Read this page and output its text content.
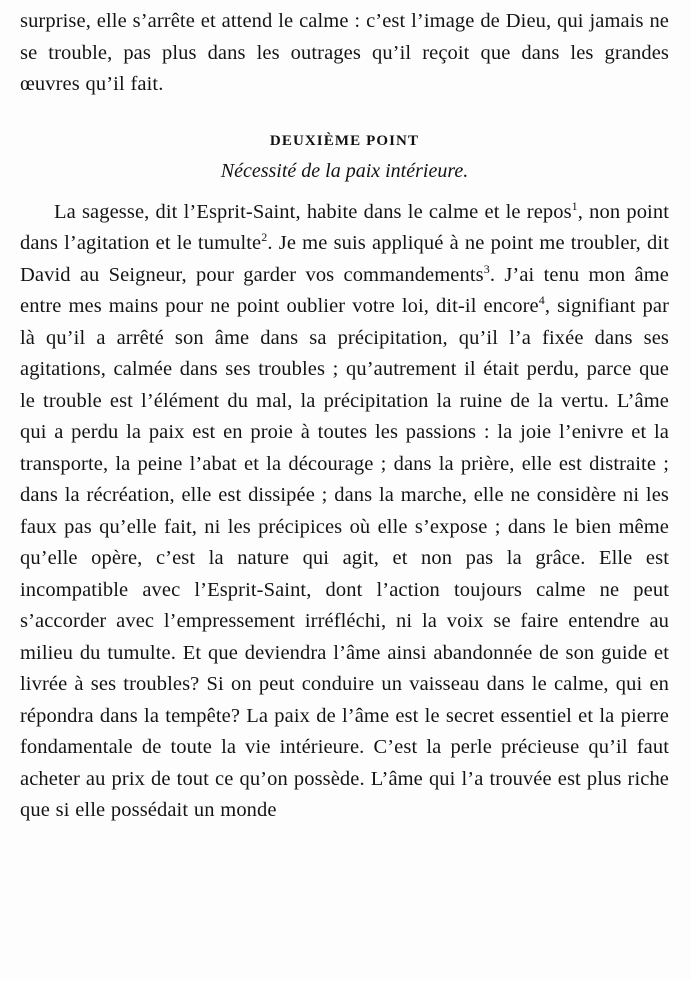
surprise, elle s’arrête et attend le calme : c’est l’image de Dieu, qui jamais ne se trouble, pas plus dans les outrages qu’il reçoit que dans les grandes œuvres qu’il fait.

DEUXIÈME POINT
Nécessité de la paix intérieure.

La sagesse, dit l’Esprit-Saint, habite dans le calme et le repos$^1$, non point dans l’agitation et le tumulte$^2$. Je me suis appliqué à ne point me troubler, dit David au Seigneur, pour garder vos commandements$^3$. J’ai tenu mon âme entre mes mains pour ne point oublier votre loi, dit-il encore$^4$, signifiant par là qu’il a arrêté son âme dans sa précipitation, qu’il l’a fixée dans ses agitations, calmée dans ses troubles ; qu’autrement il était perdu, parce que le trouble est l’élément du mal, la précipitation la ruine de la vertu. L’âme qui a perdu la paix est en proie à toutes les passions : la joie l’enivre et la transporte, la peine l’abat et la décourage ; dans la prière, elle est distraite ; dans la récréation, elle est dissipée ; dans la marche, elle ne considère ni les faux pas qu’elle fait, ni les précipices où elle s’expose ; dans le bien même qu’elle opère, c’est la nature qui agit, et non pas la grâce. Elle est incompatible avec l’Esprit-Saint, dont l’action toujours calme ne peut s’accorder avec l’empressement irréfléchi, ni la voix se faire entendre au milieu du tumulte. Et que deviendra l’âme ainsi abandonnée de son guide et livrée à ses troubles? Si on peut conduire un vaisseau dans le calme, qui en répondra dans la tempête? La paix de l’âme est le secret essentiel et la pierre fondamentale de toute la vie intérieure. C’est la perle précieuse qu’il faut acheter au prix de tout ce qu’on possède. L’âme qui l’a trouvée est plus riche que si elle possédait un monde
